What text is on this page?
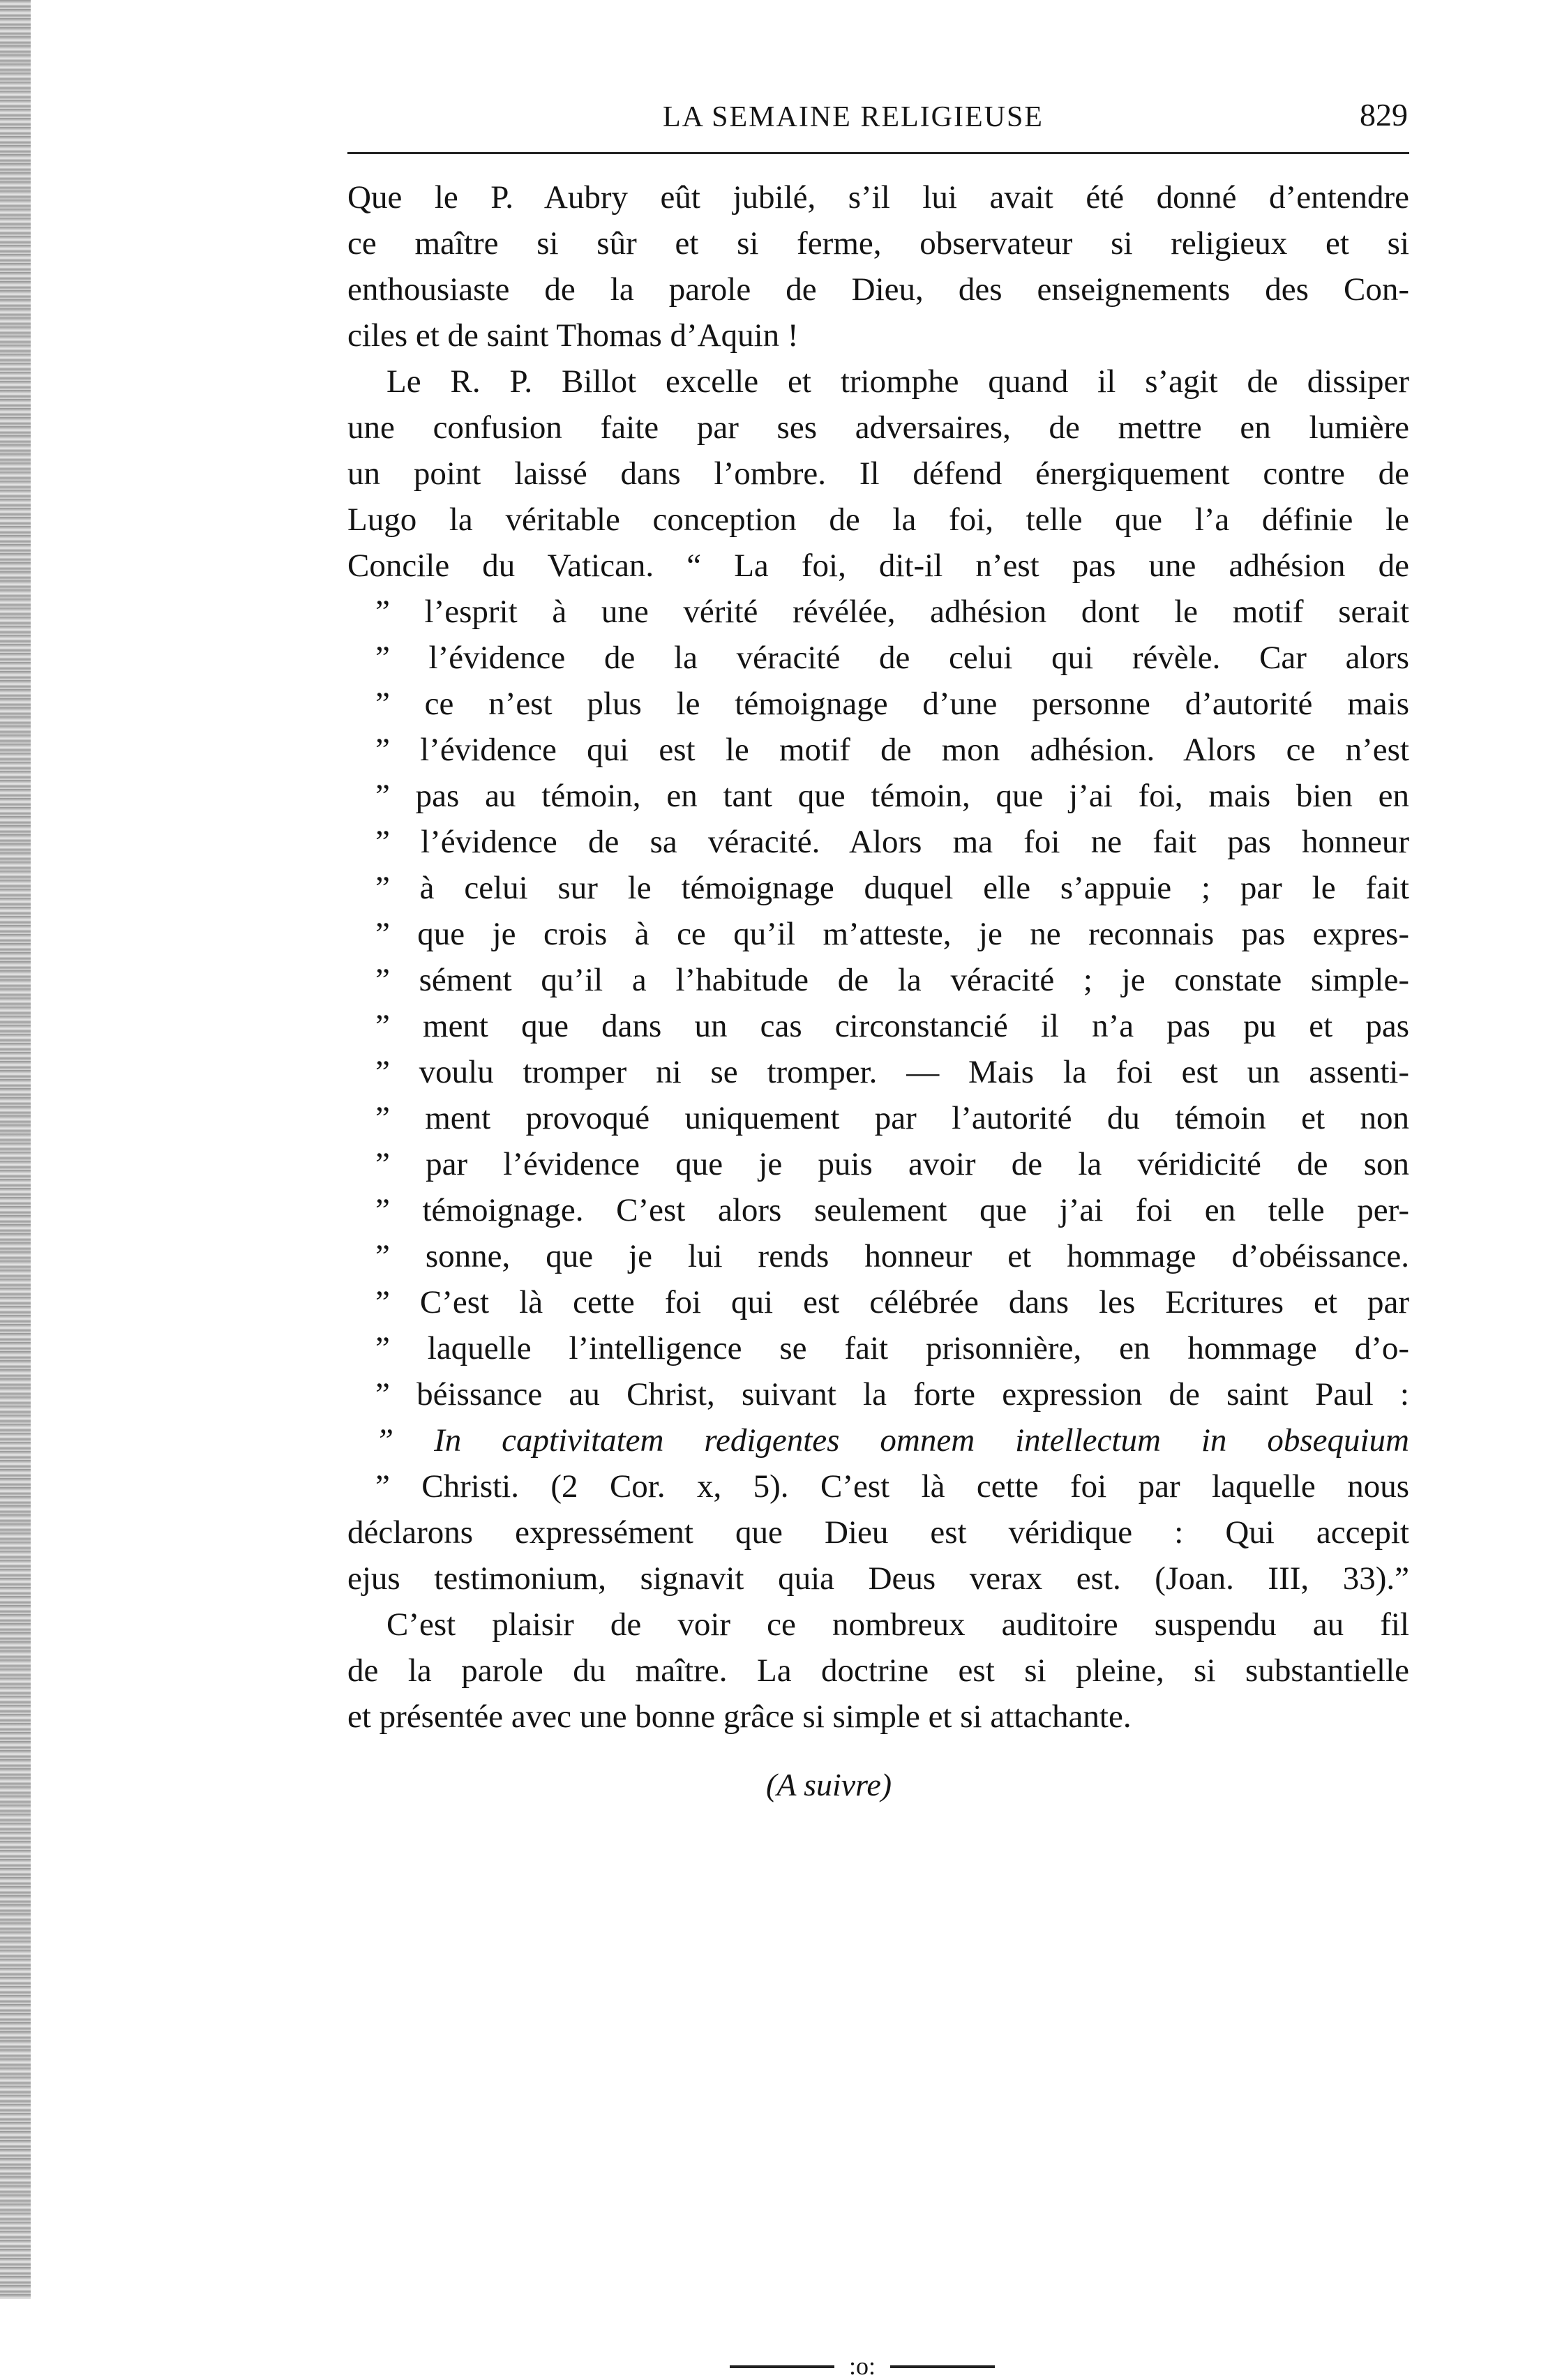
LA SEMAINE RELIGIEUSE	829
Que le P. Aubry eût jubilé, s’il lui avait été donné d’entendre
ce maître si sûr et si ferme, observateur si religieux et si
enthousiaste de la parole de Dieu, des enseignements des Con-
ciles et de saint Thomas d’Aquin !
Le R. P. Billot excelle et triomphe quand il s’agit de dissiper
une confusion faite par ses adversaires, de mettre en lumière
un point laissé dans l’ombre. Il défend énergiquement contre de
Lugo la véritable conception de la foi, telle que l’a définie le
Concile du Vatican. “ La foi, dit-il n’est pas une adhésion de
” l’esprit à une vérité révélée, adhésion dont le motif serait
” l’évidence de la véracité de celui qui révèle. Car alors
” ce n’est plus le témoignage d’une personne d’autorité mais
” l’évidence qui est le motif de mon adhésion. Alors ce n’est
” pas au témoin, en tant que témoin, que j’ai foi, mais bien en
” l’évidence de sa véracité. Alors ma foi ne fait pas honneur
” à celui sur le témoignage duquel elle s’appuie ; par le fait
” que je crois à ce qu’il m’atteste, je ne reconnais pas expres-
” sément qu’il a l’habitude de la véracité ; je constate simple-
” ment que dans un cas circonstancié il n’a pas pu et pas
” voulu tromper ni se tromper. — Mais la foi est un assenti-
” ment provoqué uniquement par l’autorité du témoin et non
” par l’évidence que je puis avoir de la véridicité de son
” témoignage. C’est alors seulement que j’ai foi en telle per-
” sonne, que je lui rends honneur et hommage d’obéissance.
” C’est là cette foi qui est célébrée dans les Ecritures et par
” laquelle l’intelligence se fait prisonnière, en hommage d’o-
” béissance au Christ, suivant la forte expression de saint Paul :
” In captivitatem redigentes omnem intellectum in obsequium
” Christi. (2 Cor. x, 5). C’est là cette foi par laquelle nous
déclarons expressément que Dieu est véridique : Qui accepit
ejus testimonium, signavit quia Deus verax est. (Joan. III, 33).”
C’est plaisir de voir ce nombreux auditoire suspendu au fil
de la parole du maître. La doctrine est si pleine, si substantielle
et présentée avec une bonne grâce si simple et si attachante.
(A suivre)
:o:
